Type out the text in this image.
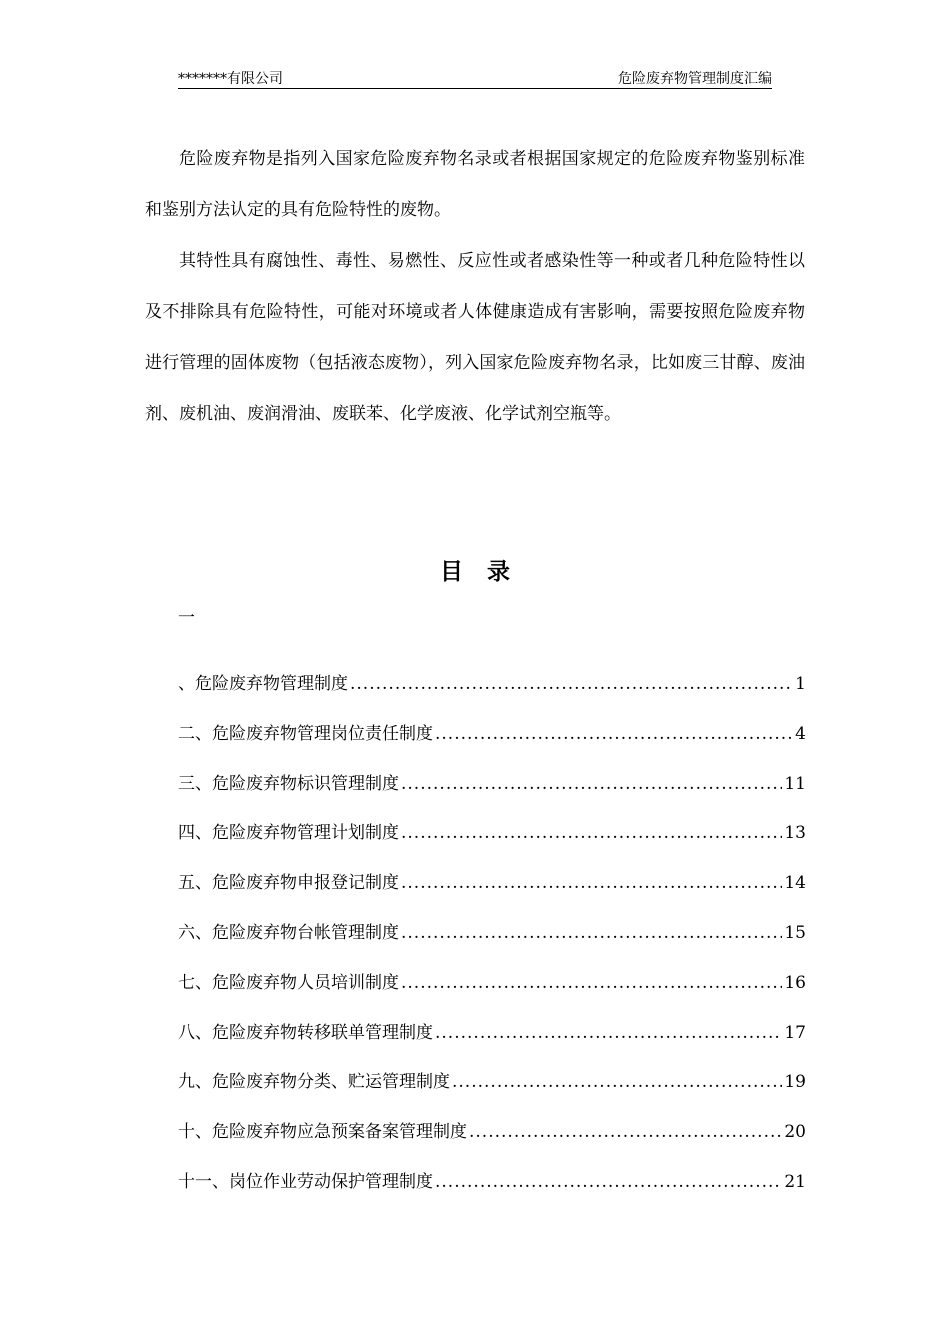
*******有限公司	危险废弃物管理制度汇编

危险废弃物是指列入国家危险废弃物名录或者根据国家规定的危险废弃物鉴别标准和鉴别方法认定的具有危险特性的废物。

其特性具有腐蚀性、毒性、易燃性、反应性或者感染性等一种或者几种危险特性以及不排除具有危险特性，可能对环境或者人体健康造成有害影响，需要按照危险废弃物进行管理的固体废物（包括液态废物），列入国家危险废弃物名录，比如废三甘醇、废油剂、废机油、废润滑油、废联苯、化学废液、化学试剂空瓶等。

目录
一
、危险废弃物管理制度 .....	1
二、危险废弃物管理岗位责任制度 .....	4
三、危险废弃物标识管理制度 .....	11
四、危险废弃物管理计划制度 .....	13
五、危险废弃物申报登记制度 .....	14
六、危险废弃物台帐管理制度 .....	15
七、危险废弃物人员培训制度 .....	16
八、危险废弃物转移联单管理制度 .....	17
九、危险废弃物分类、贮运管理制度 .....	19
十、危险废弃物应急预案备案管理制度 .....	20
十一、岗位作业劳动保护管理制度 .....	21
